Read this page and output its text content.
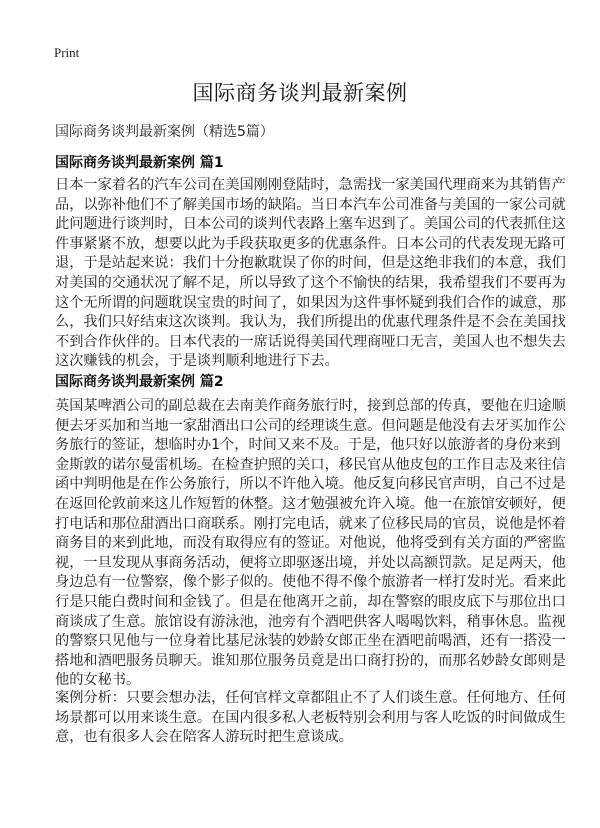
Print
国际商务谈判最新案例
国际商务谈判最新案例（精选5篇）
国际商务谈判最新案例 篇1
日本一家着名的汽车公司在美国刚刚登陆时，急需找一家美国代理商来为其销售产
品，以弥补他们不了解美国市场的缺陷。当日本汽车公司准备与美国的一家公司就
此问题进行谈判时，日本公司的谈判代表路上塞车迟到了。美国公司的代表抓住这
件事紧紧不放，想要以此为手段获取更多的优惠条件。日本公司的代表发现无路可
退，于是站起来说：我们十分抱歉耽误了你的时间，但是这绝非我们的本意，我们
对美国的交通状况了解不足，所以导致了这个不愉快的结果，我希望我们不要再为
这个无所谓的问题耽误宝贵的时间了，如果因为这件事怀疑到我们合作的诚意，那
么，我们只好结束这次谈判。我认为，我们所提出的优惠代理条件是不会在美国找
不到合作伙伴的。日本代表的一席话说得美国代理商哑口无言，美国人也不想失去
这次赚钱的机会，于是谈判顺利地进行下去。
国际商务谈判最新案例 篇2
英国某啤酒公司的副总裁在去南美作商务旅行时，接到总部的传真，要他在归途顺
便去牙买加和当地一家甜酒出口公司的经理谈生意。但问题是他没有去牙买加作公
务旅行的签证，想临时办1个，时间又来不及。于是，他只好以旅游者的身份来到
金斯敦的诺尔曼雷机场。在检查护照的关口，移民官从他皮包的工作日志及来往信
函中判明他是在作公务旅行，所以不许他入境。他反复向移民官声明，自己不过是
在返回伦敦前来这儿作短暂的休整。这才勉强被允许入境。他一在旅馆安顿好，便
打电话和那位甜酒出口商联系。刚打完电话，就来了位移民局的官员，说他是怀着
商务目的来到此地，而没有取得应有的签证。对他说，他将受到有关方面的严密监
视，一旦发现从事商务活动，便将立即驱逐出境，并处以高额罚款。足足两天，他
身边总有一位警察，像个影子似的。使他不得不像个旅游者一样打发时光。看来此
行是只能白费时间和金钱了。但是在他离开之前，却在警察的眼皮底下与那位出口
商谈成了生意。旅馆设有游泳池，池旁有个酒吧供客人喝喝饮料，稍事休息。监视
的警察只见他与一位身着比基尼泳装的妙龄女郎正坐在酒吧前喝酒，还有一搭没一
搭地和酒吧服务员聊天。谁知那位服务员竟是出口商打扮的，而那名妙龄女郎则是
他的女秘书。
案例分析：只要会想办法，任何官样文章都阻止不了人们谈生意。任何地方、任何
场景都可以用来谈生意。在国内很多私人老板特别会利用与客人吃饭的时间做成生
意，也有很多人会在陪客人游玩时把生意谈成。
